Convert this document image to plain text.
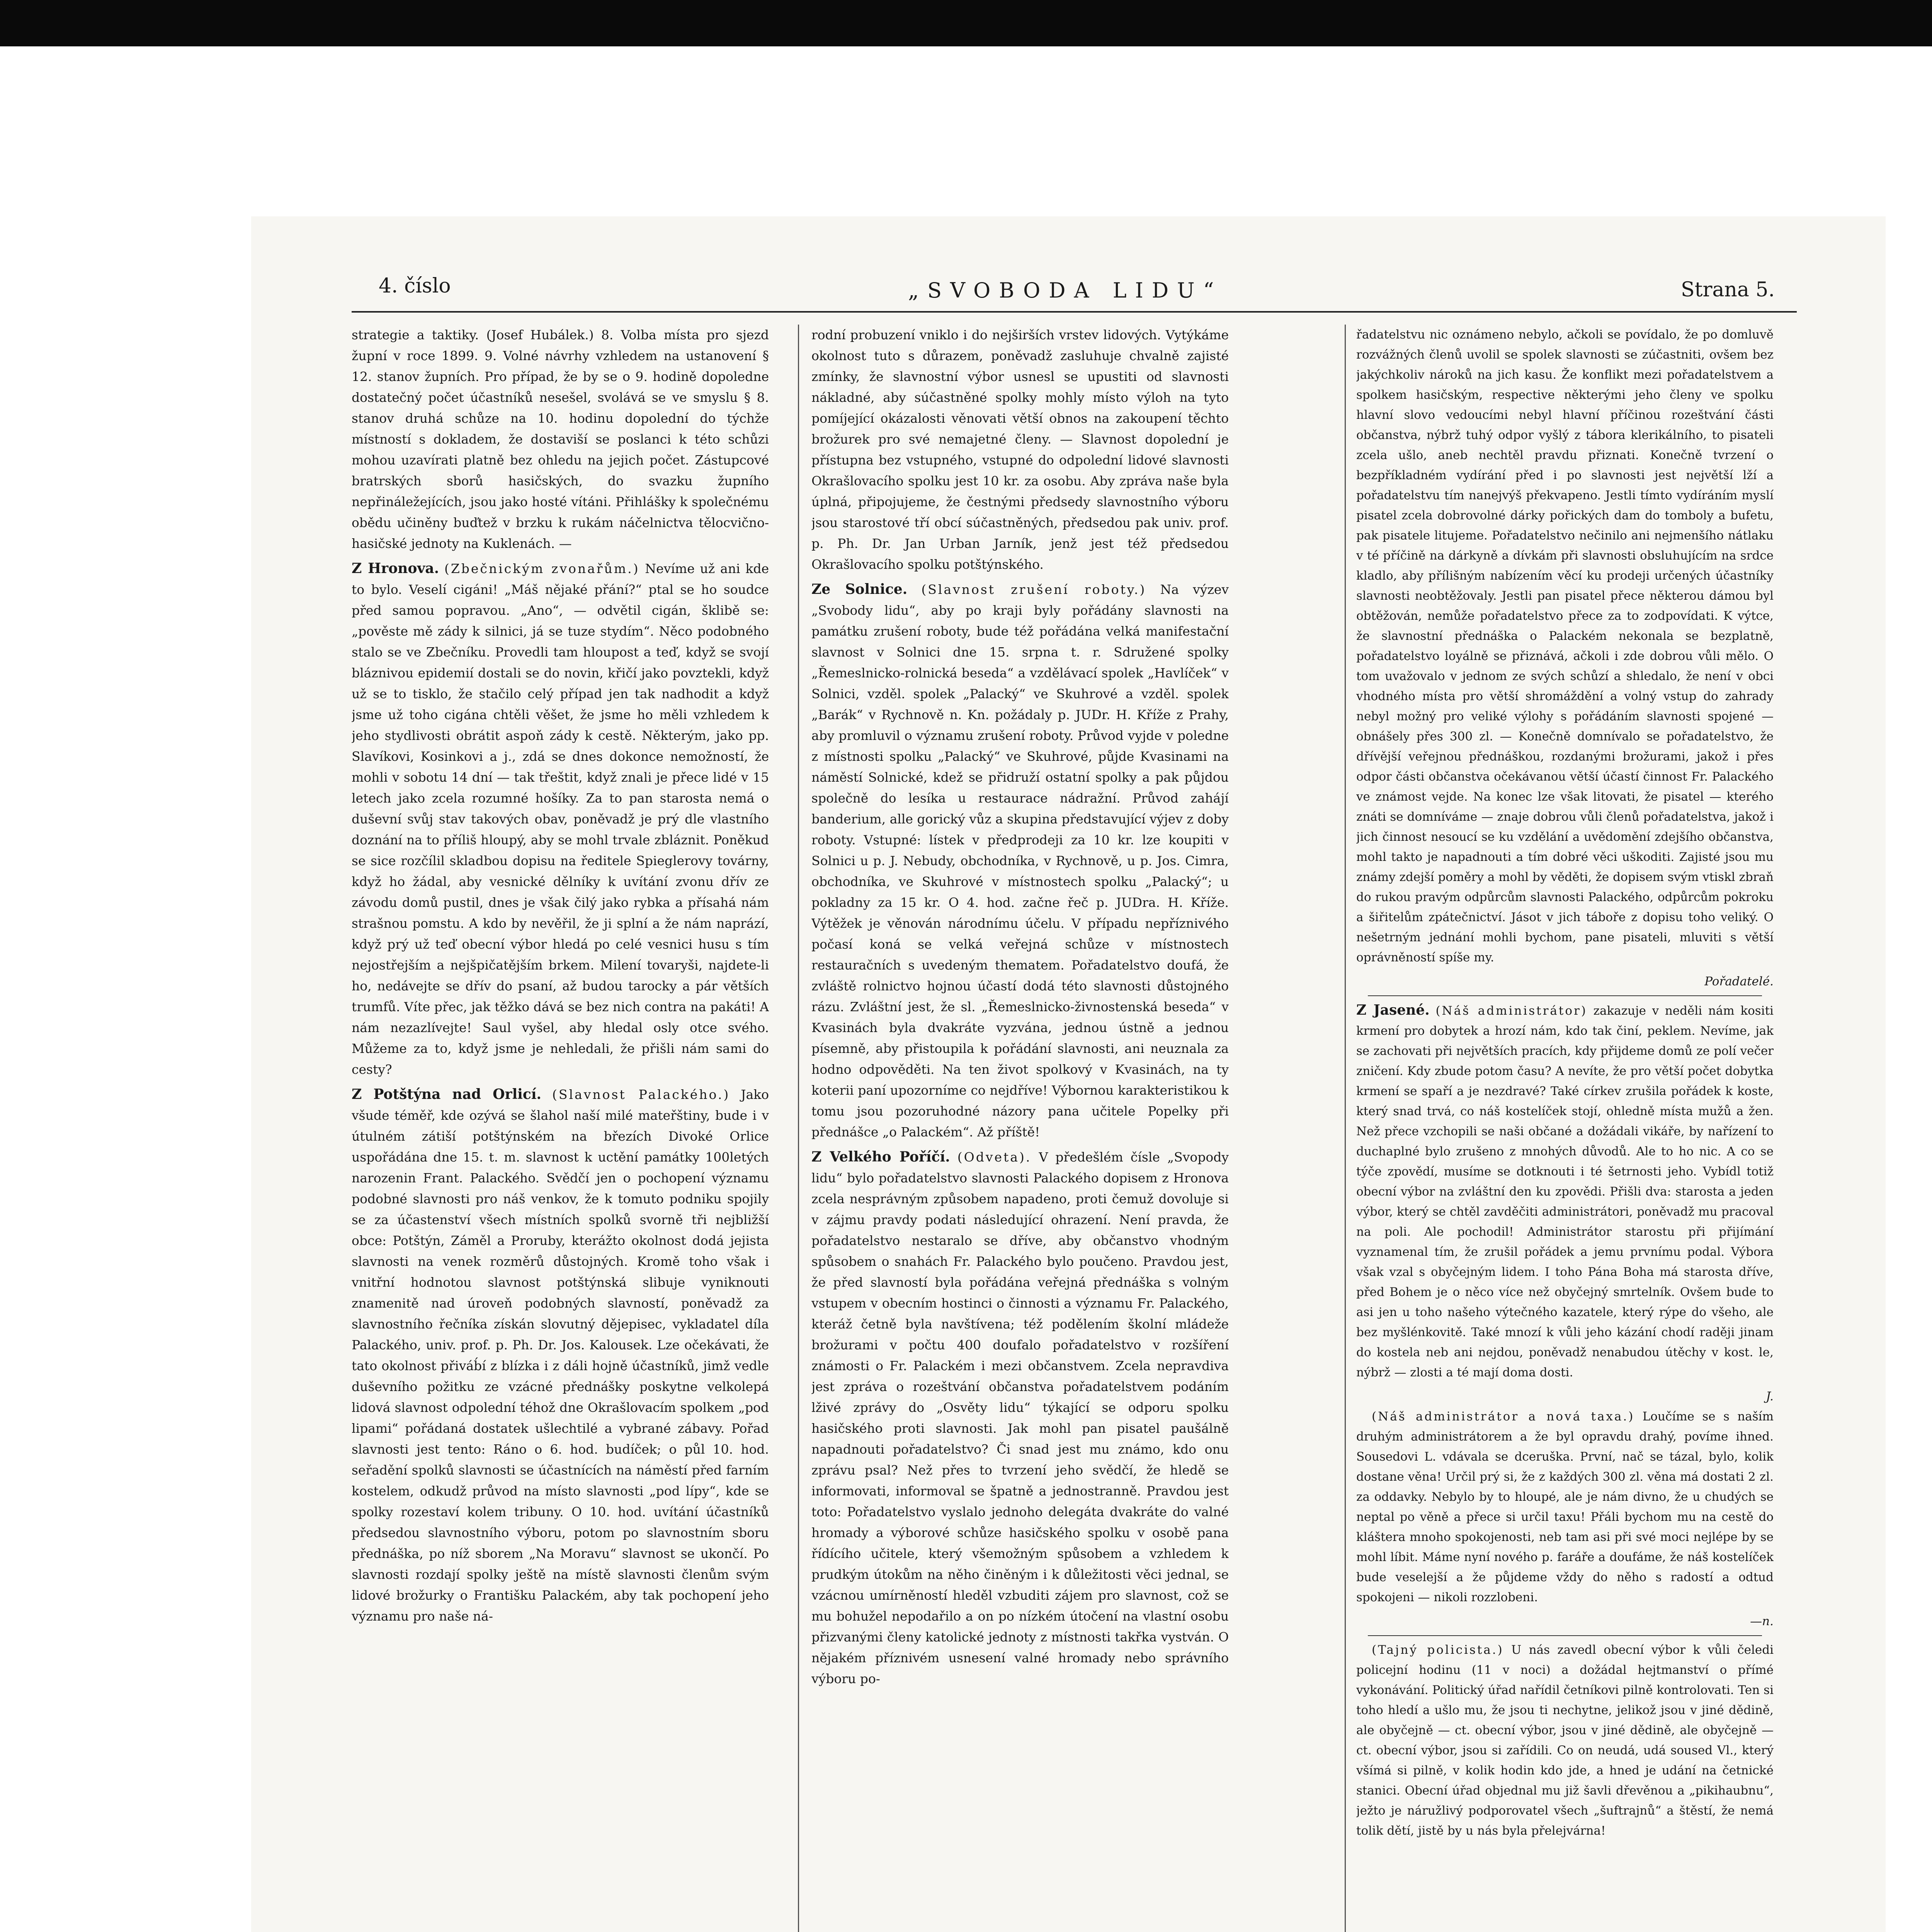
4. číslo	„SVOBODA LIDU“	Strana 5.

strategie a taktiky. (Josef Hubálek.) 8. Volba místa pro sjezd župní v roce 1899. 9. Volné návrhy vzhledem na ustanovení § 12. stanov župních. Pro případ, že by se o 9. hodině dopoledne dostatečný počet účastníků nesešel, svolává se ve smyslu § 8. stanov druhá schůze na 10. hodinu dopolední do týchže místností s dokladem, že dostaviší se poslanci k této schůzi mohou uzavírati platně bez ohledu na jejich počet. Zástupcové bratrských sborů hasičských, do svazku župního nepřináležejících, jsou jako hosté vítáni. Přihlášky k společnému obědu učiněny buďtež v brzku k rukám náčelnictva tělocvično-hasičské jednoty na Kuklenách. —

Z Hronova. (Zbečnickým zvonařům.) Nevíme už ani kde to bylo. Veselí cigáni! „Máš nějaké přání?“ ptal se ho soudce před samou popravou. „Ano“, — odvětil cigán, šklibě se: „pověste mě zády k silnici, já se tuze stydím“. Něco podobného stalo se ve Zbečníku. Provedli tam hloupost a teď, když se svojí bláznivou epidemií dostali se do novin, křičí jako povztekli, když už se to tisklo, že stačilo celý případ jen tak nadhodit a když jsme už toho cigána chtěli věšet, že jsme ho měli vzhledem k jeho stydlivosti obrátit aspoň zády k cestě. Některým, jako pp. Slavíkovi, Kosinkovi a j., zdá se dnes dokonce nemožností, že mohli v sobotu 14 dní — tak třeštit, když znali je přece lidé v 15 letech jako zcela rozumné hošíky. Za to pan starosta nemá o duševní svůj stav takových obav, poněvadž je prý dle vlastního doznání na to příliš hloupý, aby se mohl trvale zbláznit. Poněkud se sice rozčílil skladbou dopisu na ředitele Spieglerovy továrny, když ho žádal, aby vesnické dělníky k uvítání zvonu dřív ze závodu domů pustil, dnes je však čilý jako rybka a přísahá nám strašnou pomstu. A kdo by nevěřil, že ji splní a že nám naprází, když prý už teď obecní výbor hledá po celé vesnici husu s tím nejostřejším a nejšpičatějším brkem. Milení tovaryši, najdete-li ho, nedávejte se dřív do psaní, až budou tarocky a pár větších trumfů. Víte přec, jak těžko dává se bez nich contra na pakáti! A nám nezazlívejte! Saul vyšel, aby hledal osly otce svého. Můžeme za to, když jsme je nehledali, že přišli nám sami do cesty?

Z Potštýna nad Orlicí. (Slavnost Palackého.) Jako všude téměř, kde ozývá se šlahol naší milé mateřštiny, bude i v útulném zátiší potštýnském na březích Divoké Orlice uspořádána dne 15. t. m. slavnost k uctění památky 100letých narozenin Frant. Palackého. Svědčí jen o pochopení významu podobné slavnosti pro náš venkov, že k tomuto podniku spojily se za účastenství všech místních spolků svorně tři nejbližší obce: Potštýn, Záměl a Proruby, kterážto okolnost dodá jejista slavnosti na venek rozměrů důstojných. Kromě toho však i vnitřní hodnotou slavnost potštýnská slibuje vyniknouti znamenitě nad úroveň podobných slavností, poněvadž za slavnostního řečníka získán slovutný dějepisec, vykladatel díla Palackého, univ. prof. p. Ph. Dr. Jos. Kalousek. Lze očekávati, že tato okolnost přiváb́í z blízka i z dáli hojně účastníků, jimž vedle duševního požitku ze vzácné přednášky poskytne velkolepá lidová slavnost odpolední téhož dne Okrašlovacím spolkem „pod lipami“ pořádaná dostatek ušlechtilé a vybrané zábavy. Pořad slavnosti jest tento: Ráno o 6. hod. budíček; o půl 10. hod. seřadění spolků slavnosti se účastnících na náměstí před farním kostelem, odkudž průvod na místo slavnosti „pod lípy“, kde se spolky rozestaví kolem tribuny. O 10. hod. uvítání účastníků předsedou slavnostního výboru, potom po slavnostním sboru přednáška, po níž sborem „Na Moravu“ slavnost se ukončí. Po slavnosti rozdají spolky ještě na místě slavnosti členům svým lidové brožurky o Františku Palackém, aby tak pochopení jeho významu pro naše ná-

rodní probuzení vniklo i do nejširších vrstev lidových. Vytýkáme okolnost tuto s důrazem, poněvadž zasluhuje chvalně zajisté zmínky, že slavnostní výbor usnesl se upustiti od slavnosti nákladné, aby súčastněné spolky mohly místo výloh na tyto pomíjející okázalosti věnovati větší obnos na zakoupení těchto brožurek pro své nemajetné členy. — Slavnost dopolední je přístupna bez vstupného, vstupné do odpolední lidové slavnosti Okrašlovacího spolku jest 10 kr. za osobu. Aby zpráva naše byla úplná, připojujeme, že čestnými předsedy slavnostního výboru jsou starostové tří obcí súčastněných, předsedou pak univ. prof. p. Ph. Dr. Jan Urban Jarník, jenž jest též předsedou Okrašlovacího spolku potštýnského.

Ze Solnice. (Slavnost zrušení roboty.) Na výzev „Svobody lidu“, aby po kraji byly pořádány slavnosti na památku zrušení roboty, bude též pořádána velká manifestační slavnost v Solnici dne 15. srpna t. r. Sdružené spolky „Řemeslnicko-rolnická beseda“ a vzdělávací spolek „Havlíček“ v Solnici, vzděl. spolek „Palacký“ ve Skuhrové a vzděl. spolek „Barák“ v Rychnově n. Kn. požádaly p. JUDr. H. Kříže z Prahy, aby promluvil o významu zrušení roboty. Průvod vyjde v poledne z místnosti spolku „Palacký“ ve Skuhrové, půjde Kvasinami na náměstí Solnické, kdež se přidruží ostatní spolky a pak půjdou společně do lesíka u restaurace nádražní. Průvod zahájí banderium, alle gorický vůz a skupina představující výjev z doby roboty. Vstupné: lístek v předprodeji za 10 kr. lze koupiti v Solnici u p. J. Nebudy, obchodníka, v Rychnově, u p. Jos. Cimra, obchodníka, ve Skuhrové v místnostech spolku „Palacký“; u pokladny za 15 kr. O 4. hod. začne řeč p. JUDra. H. Kříže. Výtěžek je věnován národnímu účelu. V případu nepříznivého počasí koná se velká veřejná schůze v místnostech restauračních s uvedeným thematem. Pořadatelstvo doufá, že zvláště rolnictvo hojnou účastí dodá této slavnosti důstojného rázu. Zvláštní jest, že sl. „Řemeslnicko-živnostenská beseda“ v Kvasinách byla dvakráte vyzvána, jednou ústně a jednou písemně, aby přistoupila k pořádání slavnosti, ani neuznala za hodno odpověděti. Na ten život spolkový v Kvasinách, na ty koterii paní upozorníme co nejdříve! Výbornou karakteristikou k tomu jsou pozoruhodné názory pana učitele Popelky při přednášce „o Palackém“. Až příště!

Z Velkého Poříčí. (Odveta). V předešlém čísle „Svopody lidu“ bylo pořadatelstvo slavnosti Palackého dopisem z Hronova zcela nesprávným způsobem napadeno, proti čemuž dovoluje si v zájmu pravdy podati následující ohrazení. Není pravda, že pořadatelstvo nestaralo se dříve, aby občanstvo vhodným spůsobem o snahách Fr. Palackého bylo poučeno. Pravdou jest, že před slavností byla pořádána veřejná přednáška s volným vstupem v obecním hostinci o činnosti a významu Fr. Palackého, kteráž četně byla navštívena; též podělením školní mládeže brožurami v počtu 400 doufalo pořadatelstvo v rozšíření známosti o Fr. Palackém i mezi občanstvem. Zcela nepravdiva jest zpráva o rozeštvání občanstva pořadatelstvem podáním lživé zprávy do „Osvěty lidu“ týkající se odporu spolku hasičského proti slavnosti. Jak mohl pan pisatel paušálně napadnouti pořadatelstvo? Či snad jest mu známo, kdo onu zprávu psal? Než přes to tvrzení jeho svědčí, že hledě se informovati, informoval se špatně a jednostranně. Pravdou jest toto: Pořadatelstvo vyslalo jednoho delegáta dvakráte do valné hromady a výborové schůze hasičského spolku v osobě pana řídícího učitele, který všemožným spůsobem a vzhledem k prudkým útokům na něho činěným i k důležitosti věci jednal, se vzácnou umírněností hleděl vzbuditi zájem pro slavnost, což se mu bohužel nepodařilo a on po nízkém útočení na vlastní osobu přizvanými členy katolické jednoty z místnosti takřka vystván. O nějakém příznivém usnesení valné hromady nebo správního výboru po-

řadatelstvu nic oznámeno nebylo, ačkoli se povídalo, že po domluvě rozvážných členů uvolil se spolek slavnosti se zúčastniti, ovšem bez jakýchkoliv nároků na jich kasu. Že konflikt mezi pořadatelstvem a spolkem hasičským, respective některými jeho členy ve spolku hlavní slovo vedoucími nebyl hlavní příčinou rozeštvání části občanstva, nýbrž tuhý odpor vyšlý z tábora klerikálního, to pisateli zcela ušlo, aneb nechtěl pravdu přiznati. Konečně tvrzení o bezpříkladném vydírání před i po slavnosti jest největší lží a pořadatelstvu tím nanejvýš překvapeno. Jestli tímto vydíráním myslí pisatel zcela dobrovolné dárky pořických dam do tomboly a bufetu, pak pisatele litujeme. Pořadatelstvo nečinilo ani nejmenšího nátlaku v té příčině na dárkyně a dívkám při slavnosti obsluhujícím na srdce kladlo, aby přílišným nabízením věcí ku prodeji určených účastníky slavnosti neobtěžovaly. Jestli pan pisatel přece některou dámou byl obtěžován, nemůže pořadatelstvo přece za to zodpovídati. K výtce, že slavnostní přednáška o Palackém nekonala se bezplatně, pořadatelstvo loyálně se přiznává, ačkoli i zde dobrou vůli mělo. O tom uvažovalo v jednom ze svých schůzí a shledalo, že není v obci vhodného místa pro větší shromáždění a volný vstup do zahrady nebyl možný pro veliké výlohy s pořádáním slavnosti spojené — obnášely přes 300 zl. — Konečně domnívalo se pořadatelstvo, že dřívější veřejnou přednáškou, rozdanými brožurami, jakož i přes odpor části občanstva očekávanou větší účastí činnost Fr. Palackého ve známost vejde. Na konec lze však litovati, že pisatel — kterého znáti se domníváme — znaje dobrou vůli členů pořadatelstva, jakož i jich činnost nesoucí se ku vzdělání a uvědomění zdejšího občanstva, mohl takto je napadnouti a tím dobré věci uškoditi. Zajisté jsou mu známy zdejší poměry a mohl by věděti, že dopisem svým vtiskl zbraň do rukou pravým odpůrcům slavnosti Palackého, odpůrcům pokroku a šiřitelům zpátečnictví. Jásot v jich táboře z dopisu toho veliký. O nešetrným jednání mohli bychom, pane pisateli, mluviti s větší oprávněností spíše my.

Pořadatelé.

Z Jasené. (Náš administrátor) zakazuje v neděli nám kositi krmení pro dobytek a hrozí nám, kdo tak činí, peklem. Nevíme, jak se zachovati při největších pracích, kdy přijdeme domů ze polí večer zničení. Kdy zbude potom času? A nevíte, že pro větší počet dobytka krmení se spaří a je nezdravé? Také církev zrušila pořádek k koste, který snad trvá, co náš kostelíček stojí, ohledně místa mužů a žen. Než přece vzchopili se naši občané a dožádali vikáře, by nařízení to duchaplné bylo zrušeno z mnohých důvodů. Ale to ho nic. A co se týče zpovědí, musíme se dotknouti i té šetrnosti jeho. Vybídl totiž obecní výbor na zvláštní den ku zpovědi. Přišli dva: starosta a jeden výbor, který se chtěl zavděčiti administrátori, poněvadž mu pracoval na poli. Ale pochodil! Administrátor starostu při přijímání vyznamenal tím, že zrušil pořádek a jemu prvnímu podal. Výbora však vzal s obyčejným lidem. I toho Pána Boha má starosta dříve, před Bohem je o něco více než obyčejný smrtelník. Ovšem bude to asi jen u toho našeho výtečného kazatele, který rýpe do všeho, ale bez myšlénkovitě. Také mnozí k vůli jeho kázání chodí raději jinam do kostela neb ani nejdou, poněvadž nenabudou útěchy v kost. le, nýbrž — zlosti a té mají doma dosti.

J.

(Náš administrátor a nová taxa.) Loučíme se s naším druhým administrátorem a že byl opravdu drahý, povíme ihned. Sousedovi L. vdávala se dceruška. První, nač se tázal, bylo, kolik dostane věna! Určil prý si, že z každých 300 zl. věna má dostati 2 zl. za oddavky. Nebylo by to hloupé, ale je nám divno, že u chudých se neptal po věně a přece si určil taxu! Přáli bychom mu na cestě do kláštera mnoho spokojenosti, neb tam asi při své moci nejlépe by se mohl líbit. Máme nyní nového p. faráře a doufáme, že náš kostelíček bude veselejší a že půjdeme vždy do něho s radostí a odtud spokojeni — nikoli rozzlobeni.

—n.

(Tajný policista.) U nás zavedl obecní výbor k vůli čeledi policejní hodinu (11 v noci) a dožádal hejtmanství o přímé vykonávání. Politický úřad nařídil četníkovi pilně kontrolovati. Ten si toho hledí a ušlo mu, že jsou ti nechytne, jelikož jsou v jiné dědině, ale obyčejně — ct. obecní výbor, jsou v jiné dědině, ale obyčejně — ct. obecní výbor, jsou si zařídili. Co on neudá, udá soused Vl., který všímá si pilně, v kolik hodin kdo jde, a hned je udání na četnické stanici. Obecní úřad objednal mu již šavli dřevěnou a „pikihaubnu“, ježto je náružlivý podporovatel všech „šuftrajnů“ a štěstí, že nemá tolik dětí, jistě by u nás byla přelejvárna!
